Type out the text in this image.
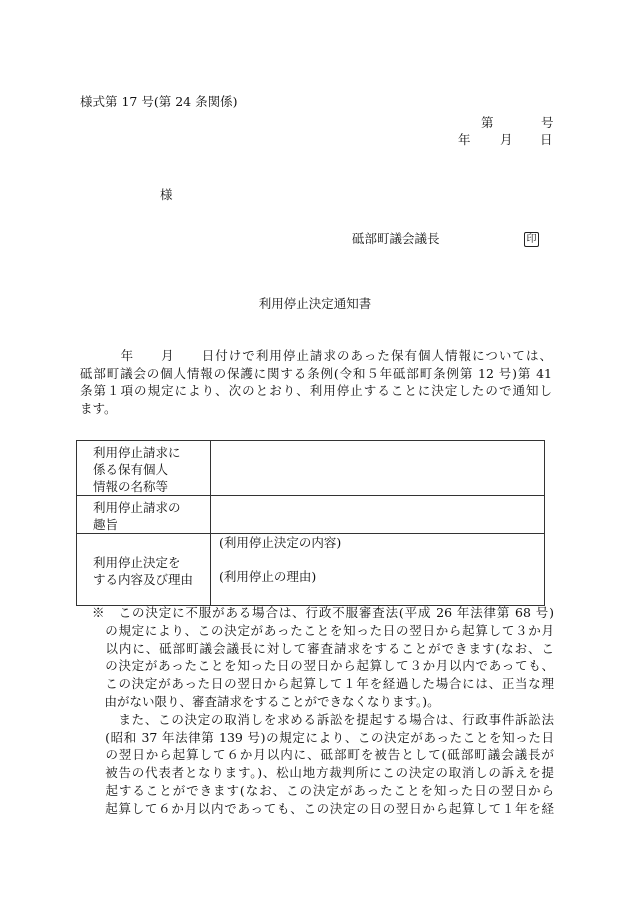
様式第 17 号(第 24 条関係)
第	号
年 月 日
様
砥部町議会議長	印
利用停止決定通知書
　　　年　　月　　日付けで利用停止請求のあった保有個人情報については、
砥部町議会の個人情報の保護に関する条例(令和５年砥部町条例第 12 号)第 41
条第１項の規定により、次のとおり、利用停止することに決定したので通知し
ます。
利用停止請求に
係る保有個人
情報の名称等	

利用停止請求の
趣旨	

利用停止決定を
する内容及び理由	(利用停止決定の内容)
(利用停止の理由)
※　この決定に不服がある場合は、行政不服審査法(平成 26 年法律第 68 号)
　の規定により、この決定があったことを知った日の翌日から起算して３か月
　以内に、砥部町議会議長に対して審査請求をすることができます(なお、こ
　の決定があったことを知った日の翌日から起算して３か月以内であっても、
　この決定があった日の翌日から起算して１年を経過した場合には、正当な理
　由がない限り、審査請求をすることができなくなります。)。
　　また、この決定の取消しを求める訴訟を提起する場合は、行政事件訴訟法
　(昭和 37 年法律第 139 号)の規定により、この決定があったことを知った日
　の翌日から起算して６か月以内に、砥部町を被告として(砥部町議会議長が
　被告の代表者となります。)、松山地方裁判所にこの決定の取消しの訴えを提
　起することができます(なお、この決定があったことを知った日の翌日から
　起算して６か月以内であっても、この決定の日の翌日から起算して１年を経
